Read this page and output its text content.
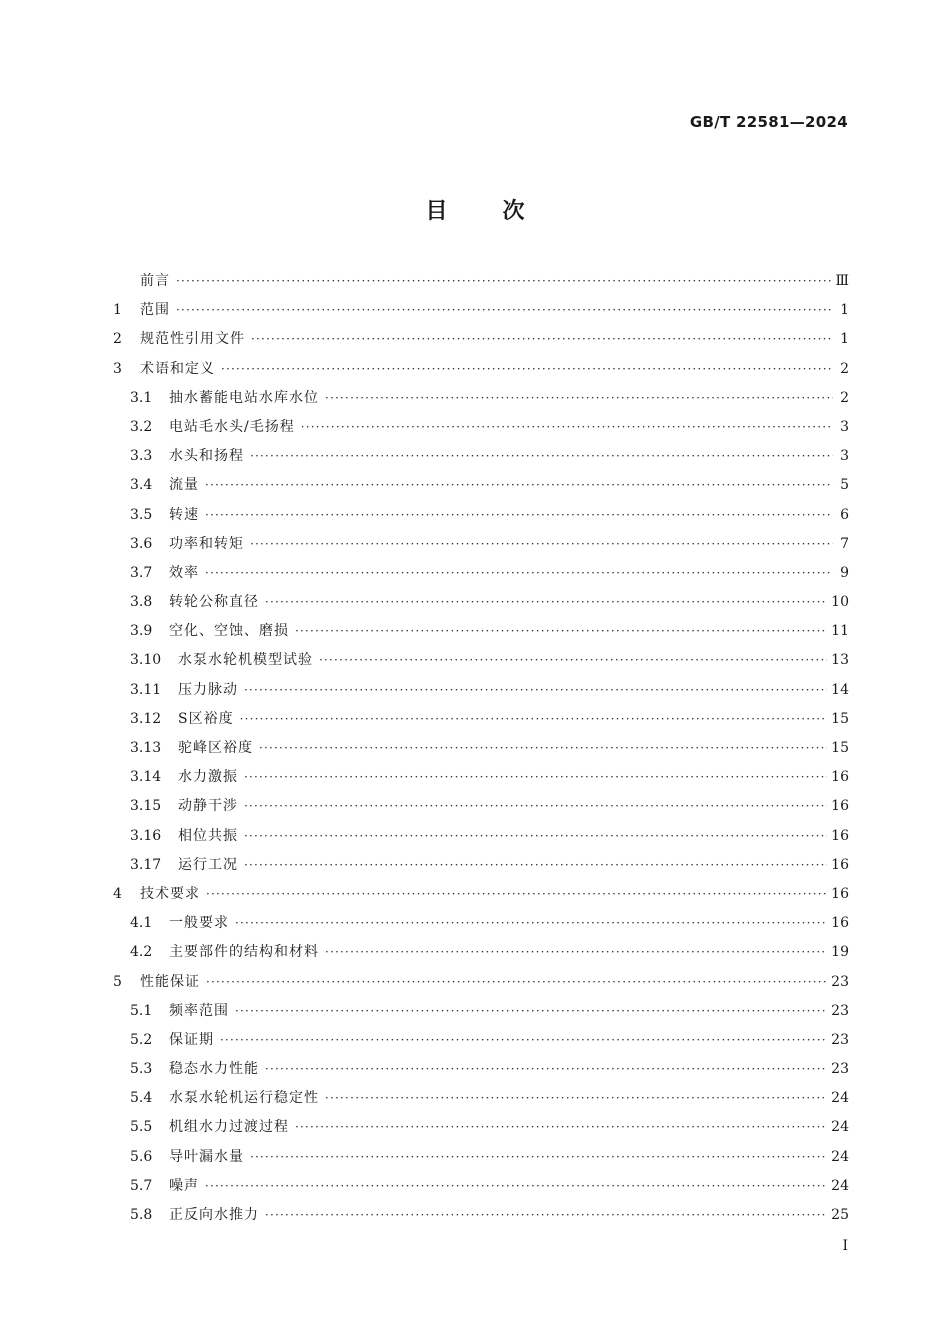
GB/T 22581—2024
目次
前言 ·····	Ⅲ
1	范围 ·····	1
2	规范性引用文件 ·····	1
3	术语和定义 ·····	2
3.1	抽水蓄能电站水库水位 ·····	2
3.2	电站毛水头/毛扬程 ·····	3
3.3	水头和扬程 ·····	3
3.4	流量 ·····	5
3.5	转速 ·····	6
3.6	功率和转矩 ·····	7
3.7	效率 ·····	9
3.8	转轮公称直径 ·····	10
3.9	空化、空蚀、磨损 ·····	11
3.10	水泵水轮机模型试验 ·····	13
3.11	压力脉动 ·····	14
3.12	S区裕度 ·····	15
3.13	驼峰区裕度 ·····	15
3.14	水力激振 ·····	16
3.15	动静干涉 ·····	16
3.16	相位共振 ·····	16
3.17	运行工况 ·····	16
4	技术要求 ·····	16
4.1	一般要求 ·····	16
4.2	主要部件的结构和材料 ·····	19
5	性能保证 ·····	23
5.1	频率范围 ·····	23
5.2	保证期 ·····	23
5.3	稳态水力性能 ·····	23
5.4	水泵水轮机运行稳定性 ·····	24
5.5	机组水力过渡过程 ·····	24
5.6	导叶漏水量 ·····	24
5.7	噪声 ·····	24
5.8	正反向水推力 ·····	25
I
